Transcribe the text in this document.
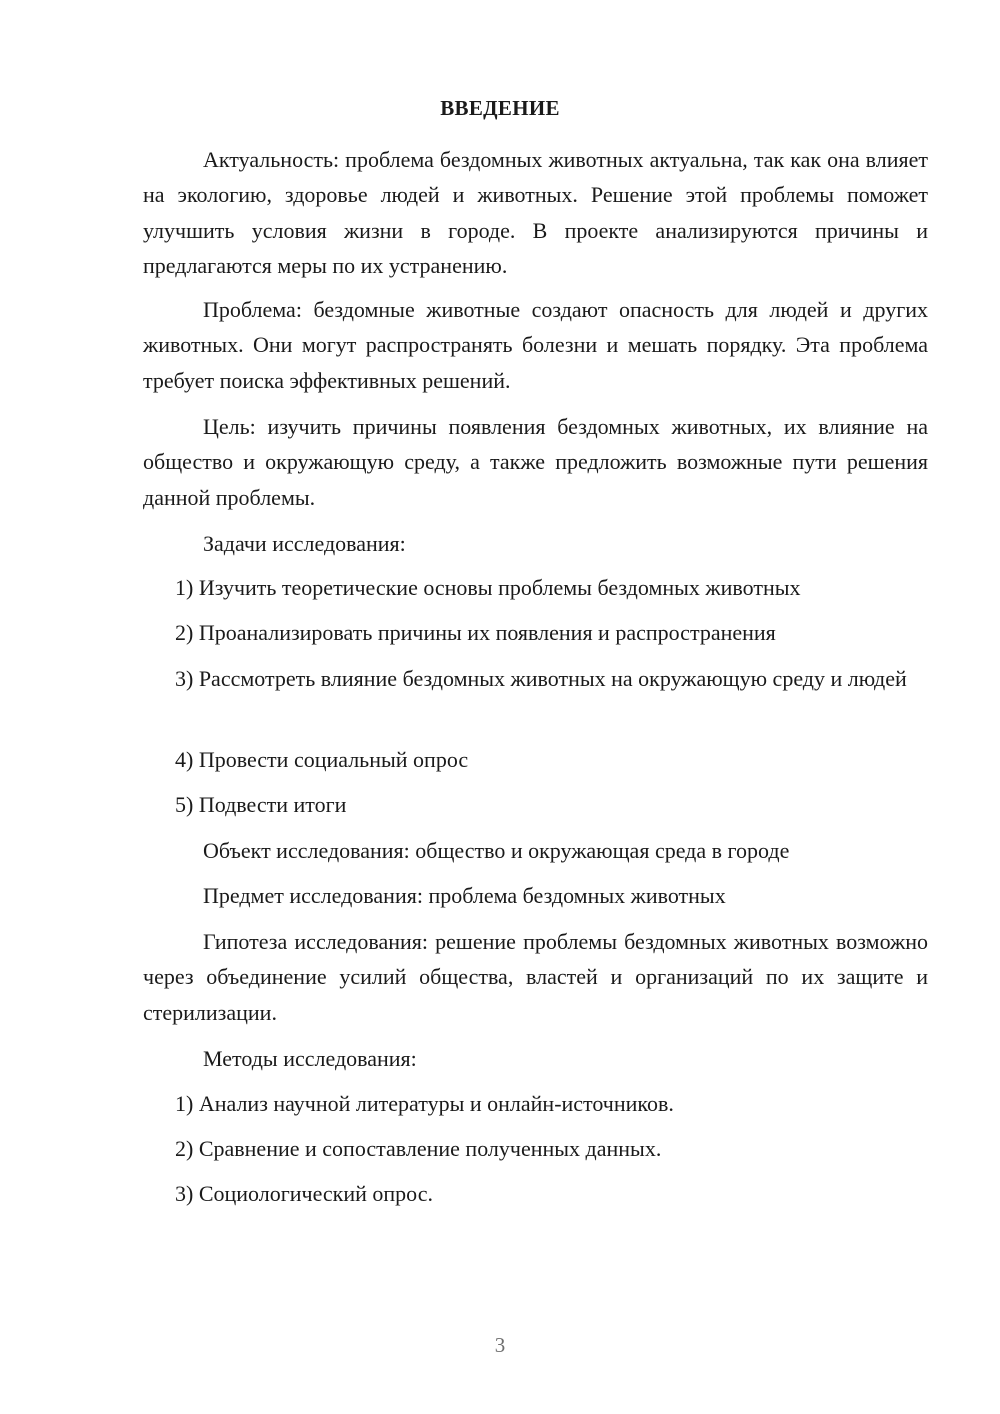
ВВЕДЕНИЕ

Актуальность: проблема бездомных животных актуальна, так как она влияет на экологию, здоровье людей и животных. Решение этой проблемы поможет улучшить условия жизни в городе. В проекте анализируются причины и предлагаются меры по их устранению.

Проблема: бездомные животные создают опасность для людей и других животных. Они могут распространять болезни и мешать порядку. Эта проблема требует поиска эффективных решений.

Цель: изучить причины появления бездомных животных, их влияние на общество и окружающую среду, а также предложить возможные пути решения данной проблемы.

Задачи исследования:

1) Изучить теоретические основы проблемы бездомных животных

2) Проанализировать причины их появления и распространения

3) Рассмотреть влияние бездомных животных на окружающую среду и людей

4) Провести социальный опрос

5) Подвести итоги

Объект исследования: общество и окружающая среда в городе

Предмет исследования: проблема бездомных животных

Гипотеза исследования: решение проблемы бездомных животных возможно через объединение усилий общества, властей и организаций по их защите и стерилизации.

Методы исследования:

1) Анализ научной литературы и онлайн-источников.

2) Сравнение и сопоставление полученных данных.

3) Социологический опрос.

3
